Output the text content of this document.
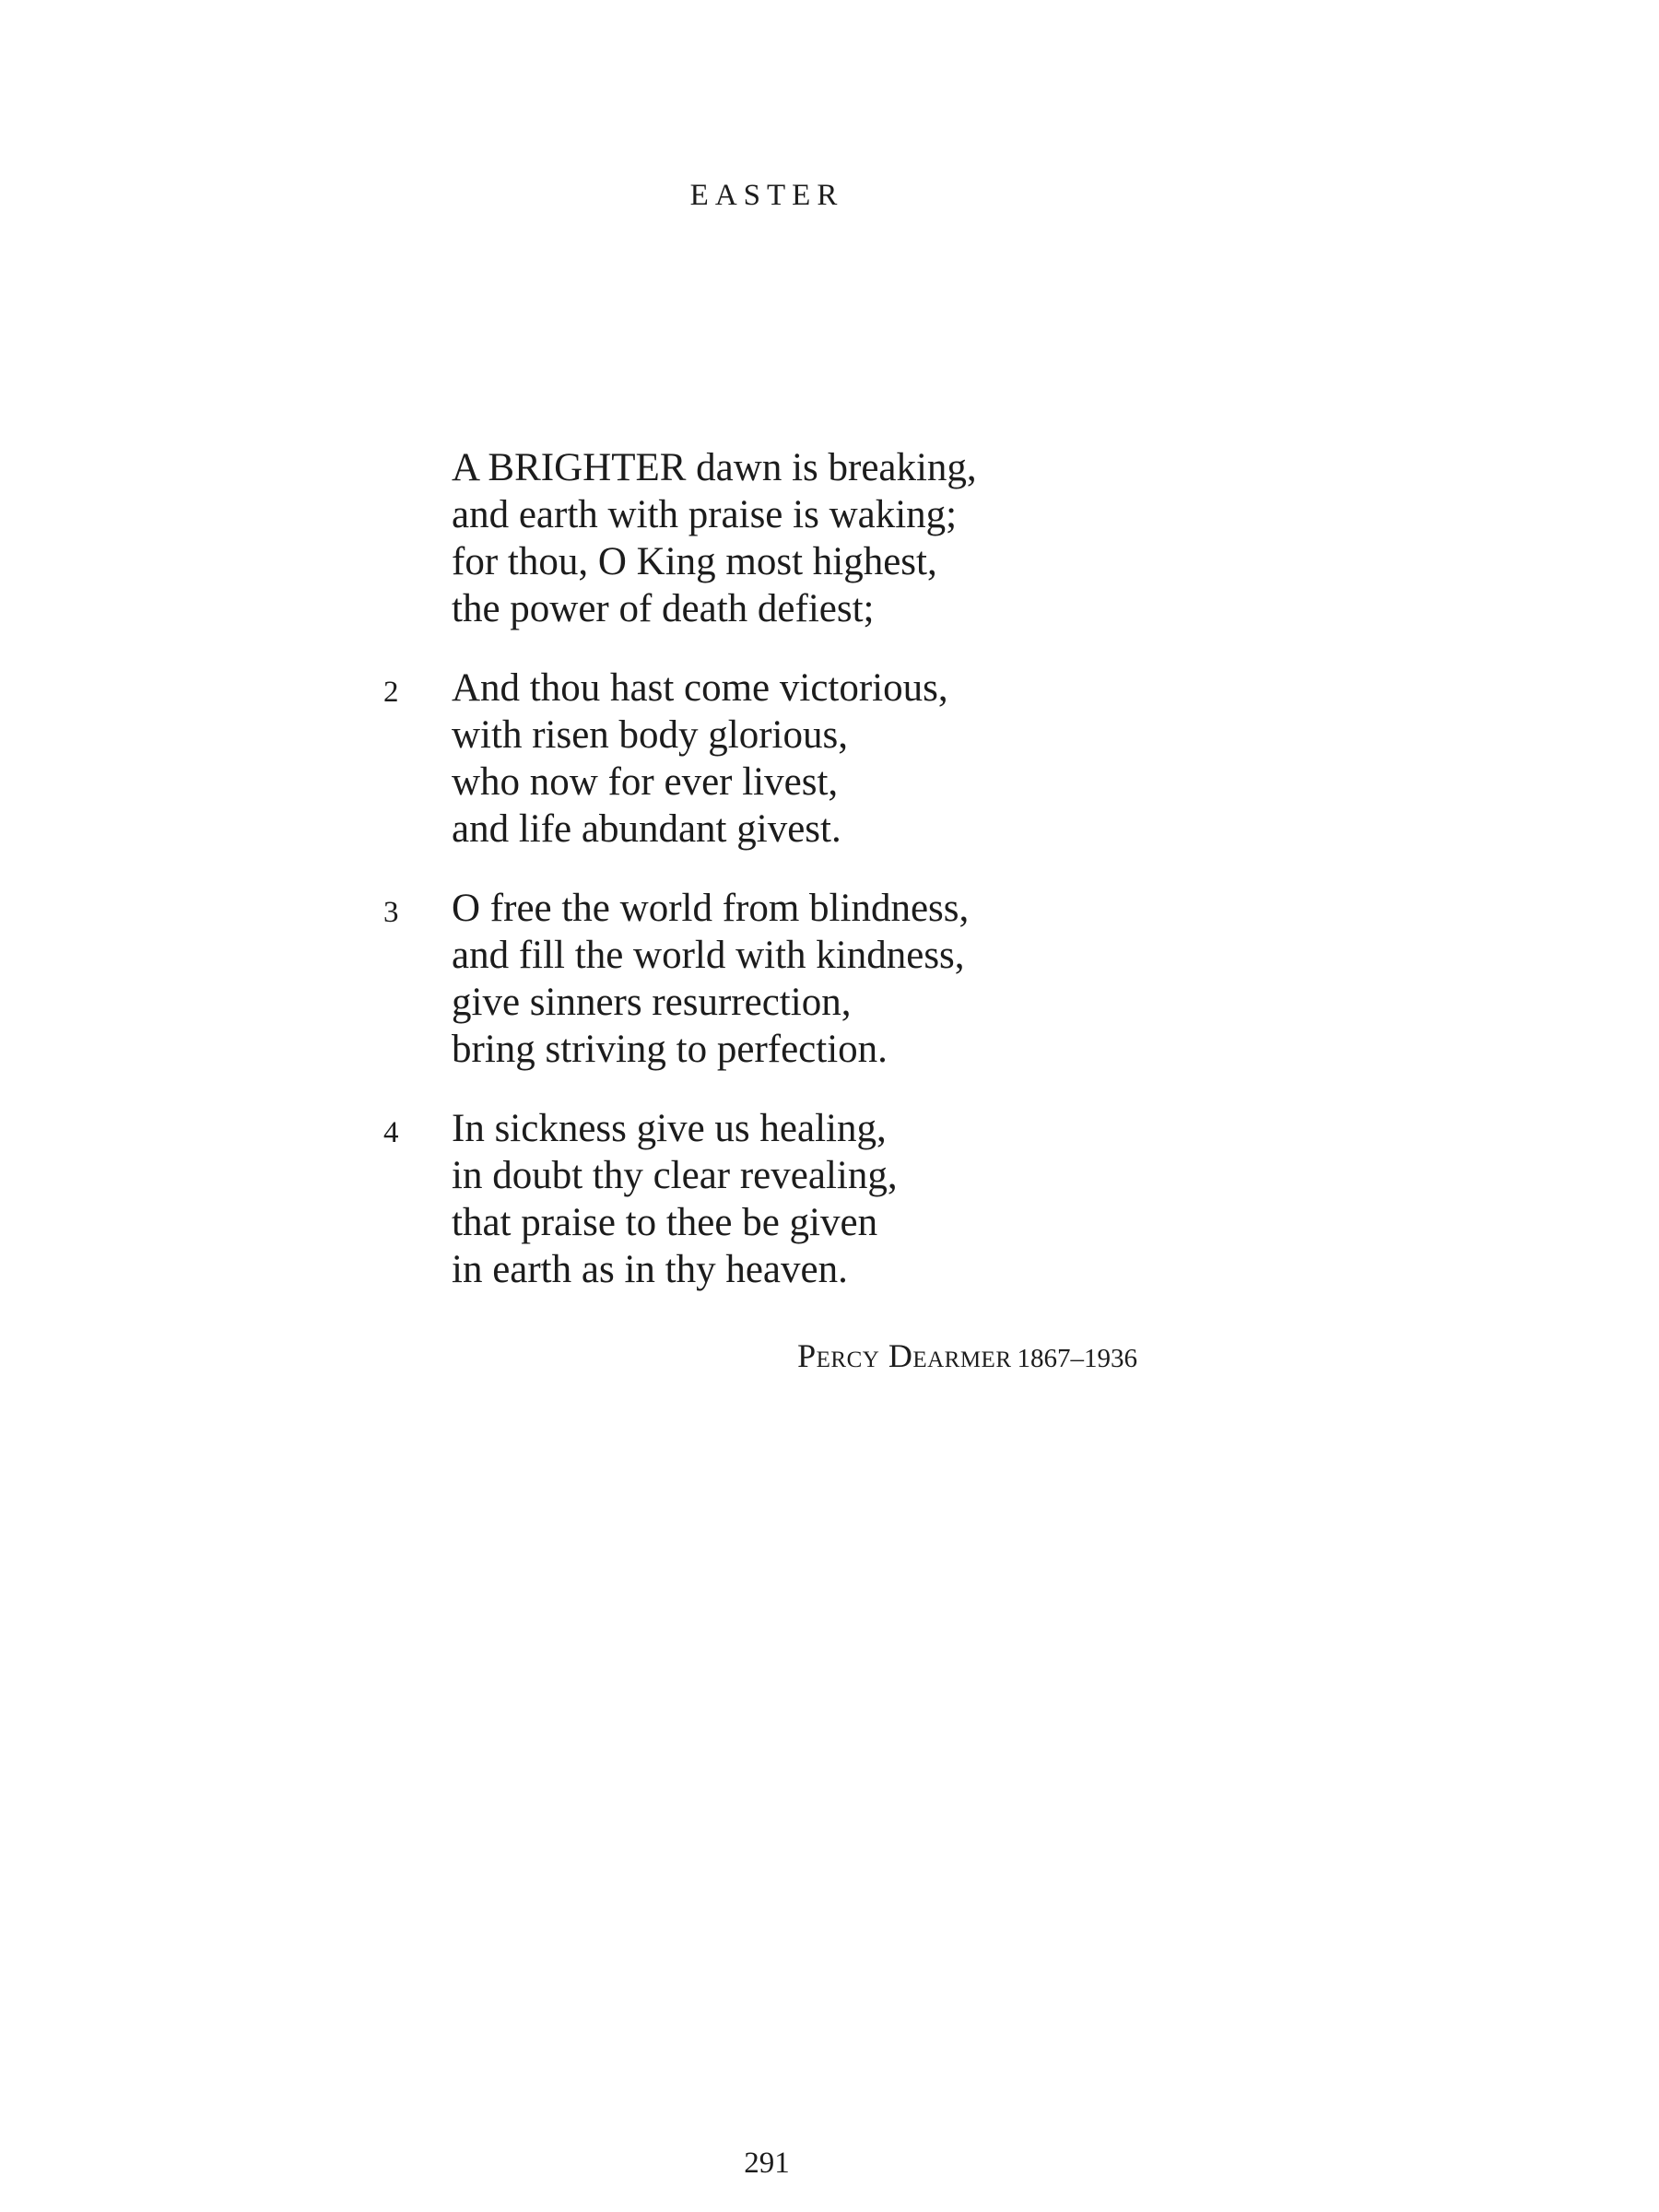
EASTER
A BRIGHTER dawn is breaking,
and earth with praise is waking;
for thou, O King most highest,
the power of death defiest;
2 And thou hast come victorious,
with risen body glorious,
who now for ever livest,
and life abundant givest.
3 O free the world from blindness,
and fill the world with kindness,
give sinners resurrection,
bring striving to perfection.
4 In sickness give us healing,
in doubt thy clear revealing,
that praise to thee be given
in earth as in thy heaven.
Percy Dearmer 1867–1936
291
